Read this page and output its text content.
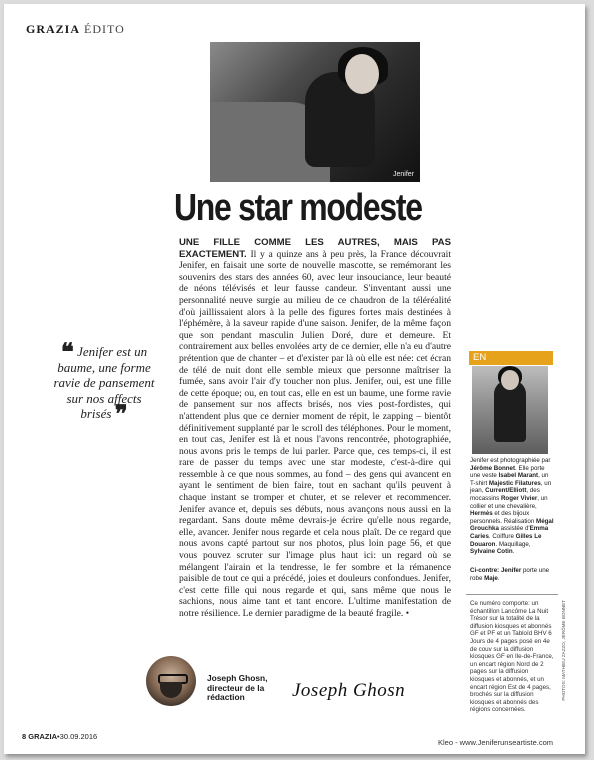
GRAZIA ÉDITO
Jenifer
Une star modeste
UNE FILLE COMME LES AUTRES, MAIS PAS EXACTEMENT. Il y a quinze ans à peu près, la France découvrait Jenifer, en faisait une sorte de nouvelle mascotte, se remémorant les souvenirs des stars des années 60, avec leur insouciance, leur beauté de néons télévisés et leur fausse candeur. S'inventant aussi une personnalité neuve surgie au milieu de ce chaudron de la téléréalité d'où jaillissaient alors à la pelle des figures fortes mais destinées à l'éphémère, à la saveur rapide d'une saison. Jenifer, de la même façon que son pendant masculin Julien Doré, dure et demeure. Et contrairement aux belles envolées arty de ce dernier, elle n'a eu d'autre prétention que de chanter – et d'exister par là où elle est née: cet écran de télé de nuit dont elle semble mieux que personne maîtriser la fumée, sans avoir l'air d'y toucher non plus. Jenifer, oui, est une fille de cette époque; ou, en tout cas, elle en est un baume, une forme ravie de pansement sur nos affects brisés, nos vies post-fordistes, qui n'attendent plus que ce dernier moment de répit, le zapping – bientôt définitivement supplanté par le scroll des téléphones. Pour le moment, en tout cas, Jenifer est là et nous l'avons rencontrée, photographiée, nous avons pris le temps de lui parler. Parce que, ces temps-ci, il est rare de passer du temps avec une star modeste, c'est-à-dire qui ressemble à ce que nous sommes, au fond – des gens qui avancent en ayant le sentiment de bien faire, tout en sachant qu'ils peuvent à chaque instant se tromper et chuter, et se relever et recommencer. Jenifer avance et, depuis ses débuts, nous avançons nous aussi en la regardant. Sans doute même devrais-je écrire qu'elle nous regarde, elle, avancer. Jenifer nous regarde et cela nous plaît. De ce regard que nous avons capté partout sur nos photos, plus loin page 56, et que vous pouvez scruter sur l'image plus haut ici: un regard où se mélangent l'airain et la tendresse, le fer sombre et la rémanence paisible de tout ce qui a précédé, joies et douleurs confondues. Jenifer, c'est cette fille qui nous regarde et qui, sans même que nous le sachions, nous aime tant et tant encore. L'ultime manifestation de notre résilience. Le dernier paradigme de la beauté fragile. •
❝ Jenifer est un baume, une forme ravie de pansement sur nos affects brisés ❞
EN
Jenifer est photographiée par Jérôme Bonnet. Elle porte une veste Isabel Marant, un T-shirt Majestic Filatures, un jean, Current/Elliott, des mocassins Roger Vivier, un collier et une chevalière, Hermès et des bijoux personnels. Réalisation Mégal Grouchka assistée d'Emma Caries. Coiffure Gilles Le Douaron. Maquillage, Sylvaine Cotin.
Ci-contre: Jenifer porte une robe Maje.
Ce numéro comporte: un échantillon Lancôme La Nuit Trésor sur la totalité de la diffusion kiosques et abonnés GF et PF et un Tabloïd BHV 6 Jours de 4 pages posé en 4e de couv sur la diffusion kiosques GF en Ile-de-France, un encart région Nord de 2 pages sur la diffusion kiosques et abonnés, et un encart région Est de 4 pages, brochés sur la diffusion kiosques et abonnés des régions concernées.
PHOTOS: MATHIEU ZAZZO, JÉRÔME BONNET
Joseph Ghosn,
directeur de la rédaction	Joseph Ghosn
8 GRAZIA•30.09.2016
Kleo - www.Jeniferunseartiste.com
